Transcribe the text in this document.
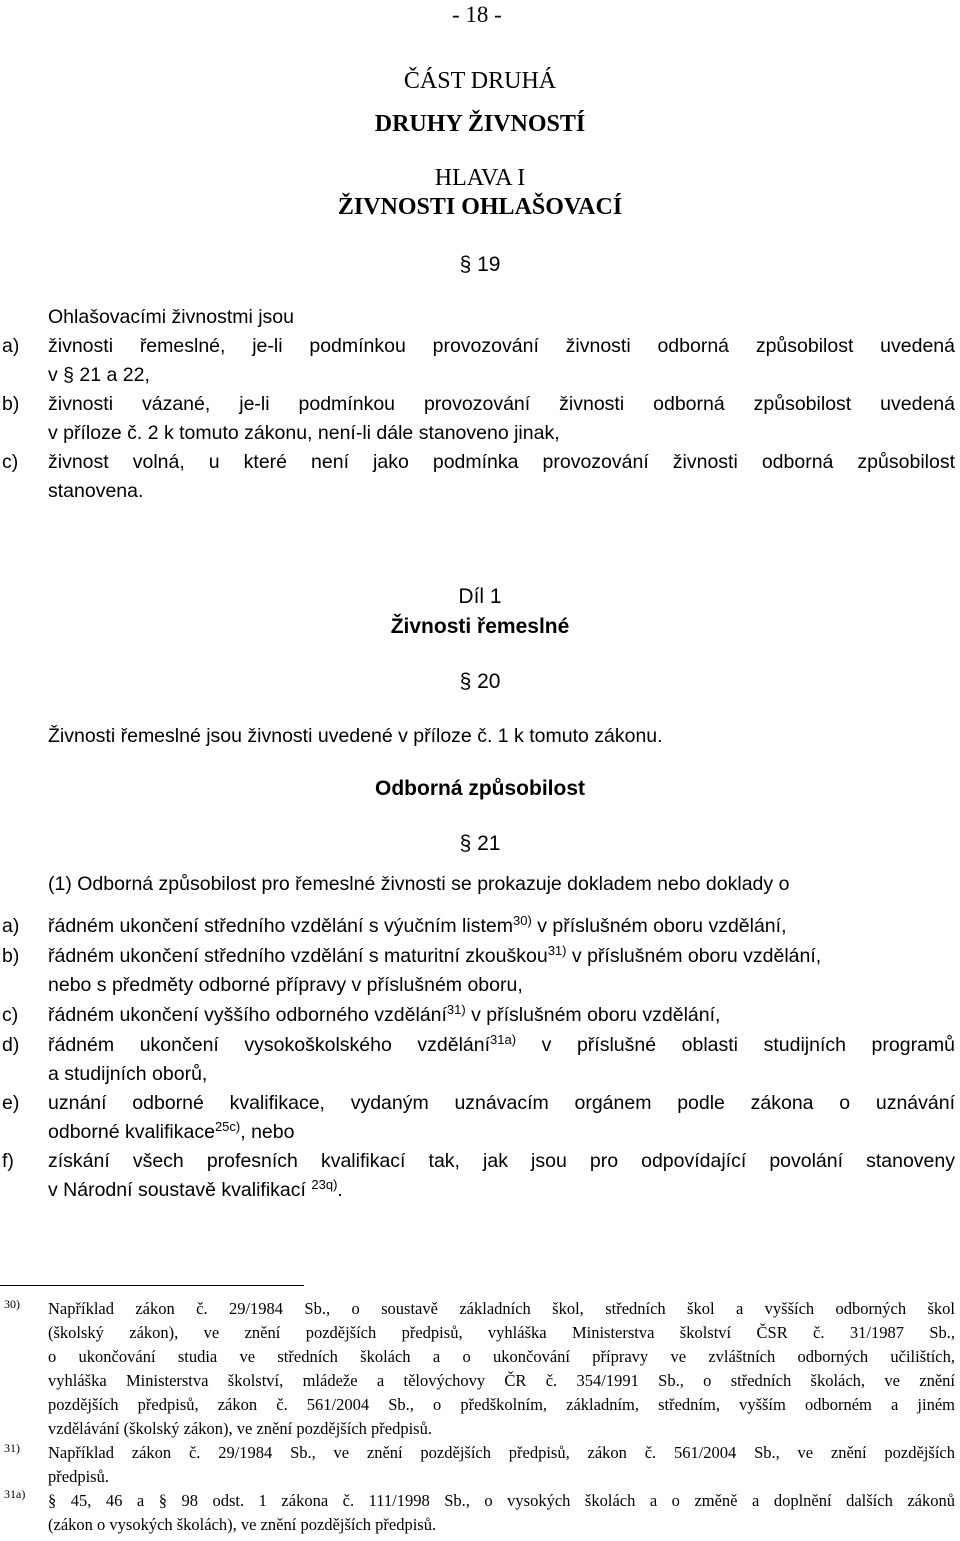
- 18 -
ČÁST DRUHÁ
DRUHY ŽIVNOSTÍ
HLAVA I
ŽIVNOSTI OHLAŠOVACÍ
§ 19
Ohlašovacími živnostmi jsou
a) živnosti řemeslné, je-li podmínkou provozování živnosti odborná způsobilost uvedená
v § 21 a 22,
b) živnosti vázané, je-li podmínkou provozování živnosti odborná způsobilost uvedená
v příloze č. 2 k tomuto zákonu, není-li dále stanoveno jinak,
c) živnost volná, u které není jako podmínka provozování živnosti odborná způsobilost
stanovena.
Díl 1
Živnosti řemeslné
§ 20
Živnosti řemeslné jsou živnosti uvedené v příloze č. 1 k tomuto zákonu.
Odborná způsobilost
§ 21
(1) Odborná způsobilost pro řemeslné živnosti se prokazuje dokladem nebo doklady o
a) řádném ukončení středního vzdělání s výučním listem$^{30)}$ v příslušném oboru vzdělání,
b) řádném ukončení středního vzdělání s maturitní zkouškou$^{31)}$ v příslušném oboru vzdělání,
nebo s předměty odborné přípravy v příslušném oboru,
c) řádném ukončení vyššího odborného vzdělání$^{31)}$ v příslušném oboru vzdělání,
d) řádném ukončení vysokoškolského vzdělání$^{31a)}$ v příslušné oblasti studijních programů
a studijních oborů,
e) uznání odborné kvalifikace, vydaným uznávacím orgánem podle zákona o uznávání
odborné kvalifikace$^{25c)}$, nebo
f) získání všech profesních kvalifikací tak, jak jsou pro odpovídající povolání stanoveny
v Národní soustavě kvalifikací $^{23q)}$.
30) Například zákon č. 29/1984 Sb., o soustavě základních škol, středních škol a vyšších odborných škol
(školský zákon), ve znění pozdějších předpisů, vyhláška Ministerstva školství ČSR č. 31/1987 Sb.,
o ukončování studia ve středních školách a o ukončování přípravy ve zvláštních odborných učilištích,
vyhláška Ministerstva školství, mládeže a tělovýchovy ČR č. 354/1991 Sb., o středních školách, ve znění
pozdějších předpisů, zákon č. 561/2004 Sb., o předškolním, základním, středním, vyšším odborném a jiném
vzdělávání (školský zákon), ve znění pozdějších předpisů.
31) Například zákon č. 29/1984 Sb., ve znění pozdějších předpisů, zákon č. 561/2004 Sb., ve znění pozdějších
předpisů.
31a) § 45, 46 a § 98 odst. 1 zákona č. 111/1998 Sb., o vysokých školách a o změně a doplnění dalších zákonů
(zákon o vysokých školách), ve znění pozdějších předpisů.
